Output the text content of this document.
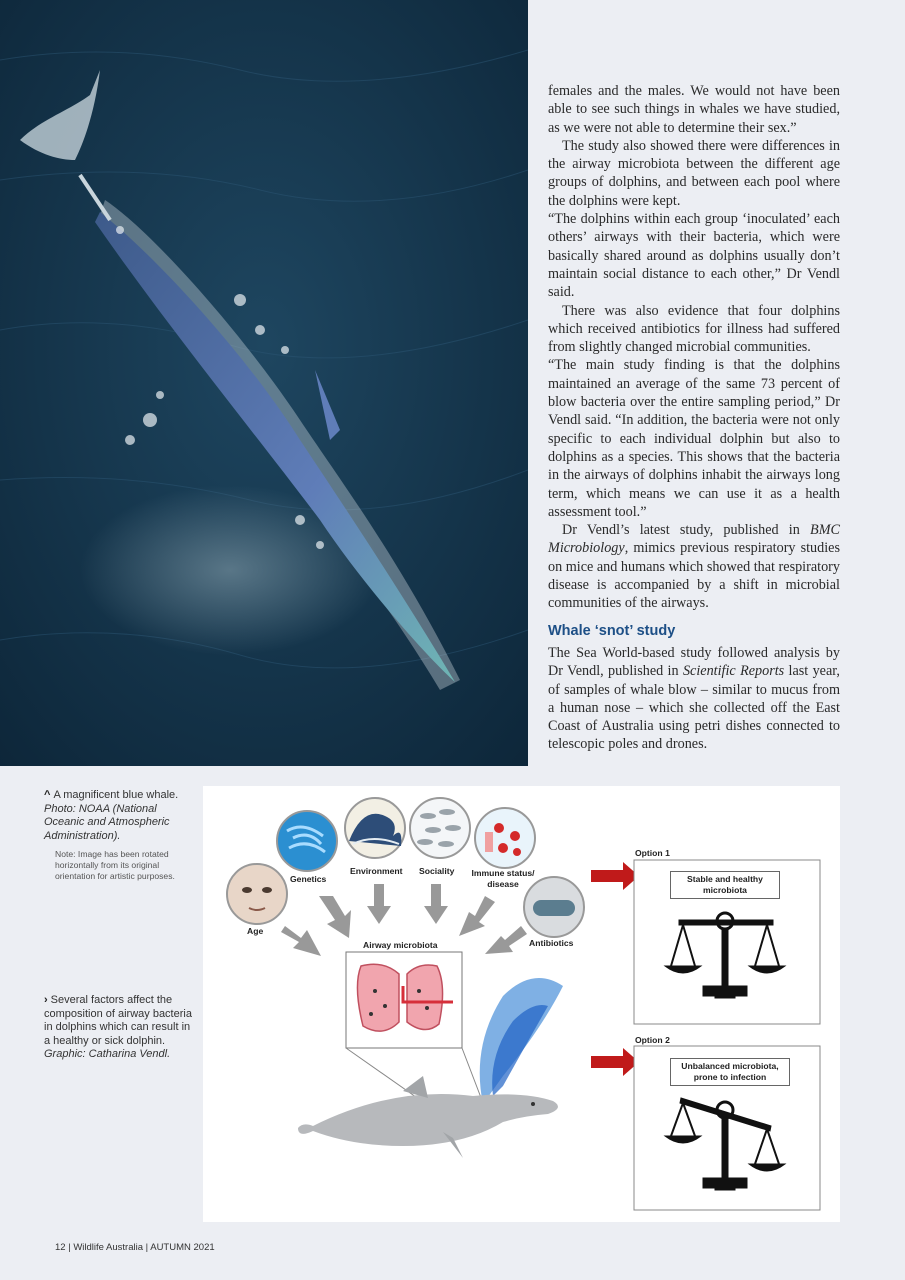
females and the males. We would not have been able to see such things in whales we have studied, as we were not able to determine their sex.”

The study also showed there were differences in the airway microbiota between the different age groups of dolphins, and between each pool where the dolphins were kept.

“The dolphins within each group ‘inoculated’ each others’ airways with their bacteria, which were basically shared around as dolphins usually don’t maintain social distance to each other,” Dr Vendl said.

There was also evidence that four dolphins which received antibiotics for illness had suffered from slightly changed microbial communities.

“The main study finding is that the dolphins maintained an average of the same 73 percent of blow bacteria over the entire sampling period,” Dr Vendl said. “In addition, the bacteria were not only specific to each individual dolphin but also to dolphins as a species. This shows that the bacteria in the airways of dolphins inhabit the airways long term, which means we can use it as a health assessment tool.”

Dr Vendl’s latest study, published in BMC Microbiology, mimics previous respiratory studies on mice and humans which showed that respiratory disease is accompanied by a shift in microbial communities of the airways.

Whale ‘snot’ study

The Sea World-based study followed analysis by Dr Vendl, published in Scientific Reports last year, of samples of whale blow – similar to mucus from a human nose – which she collected off the East Coast of Australia using petri dishes connected to telescopic poles and drones.

^ A magnificent blue whale. Photo: NOAA (National Oceanic and Atmospheric Administration).
Note: Image has been rotated horizontally from its original orientation for artistic purposes.
› Several factors affect the composition of airway bacteria in dolphins which can result in a healthy or sick dolphin. Graphic: Catharina Vendl.
Genetics
Environment Sociality	Immune status/ disease
Age
Antibiotics
Airway microbiota
Option 1
Stable and healthy microbiota
Option 2
Unbalanced microbiota, prone to infection
12 | Wildlife Australia | AUTUMN 2021
